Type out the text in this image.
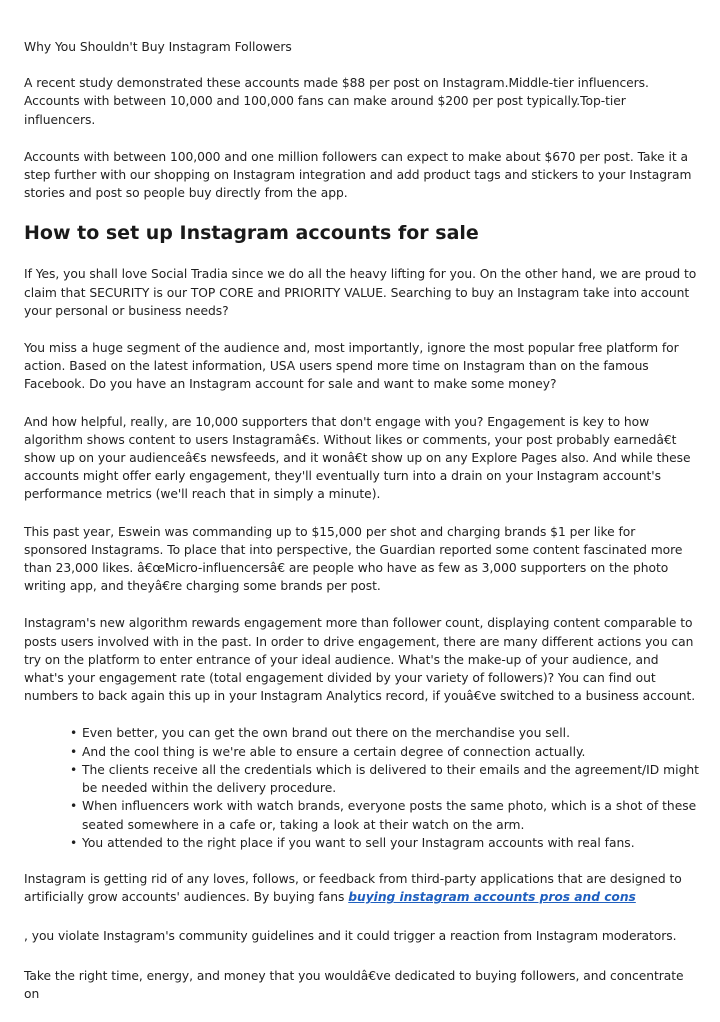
Why You Shouldn't Buy Instagram Followers

A recent study demonstrated these accounts made $88 per post on Instagram.Middle-tier influencers. Accounts with between 10,000 and 100,000 fans can make around $200 per post typically.Top-tier influencers.

Accounts with between 100,000 and one million followers can expect to make about $670 per post. Take it a step further with our shopping on Instagram integration and add product tags and stickers to your Instagram stories and post so people buy directly from the app.

How to set up Instagram accounts for sale

If Yes, you shall love Social Tradia since we do all the heavy lifting for you. On the other hand, we are proud to claim that SECURITY is our TOP CORE and PRIORITY VALUE. Searching to buy an Instagram take into account your personal or business needs?

You miss a huge segment of the audience and, most importantly, ignore the most popular free platform for action. Based on the latest information, USA users spend more time on Instagram than on the famous Facebook. Do you have an Instagram account for sale and want to make some money?

And how helpful, really, are 10,000 supporters that don't engage with you? Engagement is key to how algorithm shows content to users Instagramâ€s. Without likes or comments, your post probably earnedâ€t show up on your audienceâ€s newsfeeds, and it wonâ€t show up on any Explore Pages also. And while these accounts might offer early engagement, they'll eventually turn into a drain on your Instagram account's performance metrics (we'll reach that in simply a minute).

This past year, Eswein was commanding up to $15,000 per shot and charging brands $1 per like for sponsored Instagrams. To place that into perspective, the Guardian reported some content fascinated more than 23,000 likes. â€œMicro-influencersâ€ are people who have as few as 3,000 supporters on the photo writing app, and theyâ€re charging some brands per post.

Instagram's new algorithm rewards engagement more than follower count, displaying content comparable to posts users involved with in the past. In order to drive engagement, there are many different actions you can try on the platform to enter entrance of your ideal audience. What's the make-up of your audience, and what's your engagement rate (total engagement divided by your variety of followers)? You can find out numbers to back again this up in your Instagram Analytics record, if youâ€ve switched to a business account.

• Even better, you can get the own brand out there on the merchandise you sell.
• And the cool thing is we're able to ensure a certain degree of connection actually.
• The clients receive all the credentials which is delivered to their emails and the agreement/ID might be needed within the delivery procedure.
• When influencers work with watch brands, everyone posts the same photo, which is a shot of these seated somewhere in a cafe or, taking a look at their watch on the arm.
• You attended to the right place if you want to sell your Instagram accounts with real fans.

Instagram is getting rid of any loves, follows, or feedback from third-party applications that are designed to artificially grow accounts' audiences. By buying fans buying instagram accounts pros and cons

, you violate Instagram's community guidelines and it could trigger a reaction from Instagram moderators.

Take the right time, energy, and money that you wouldâ€ve dedicated to buying followers, and concentrate on
